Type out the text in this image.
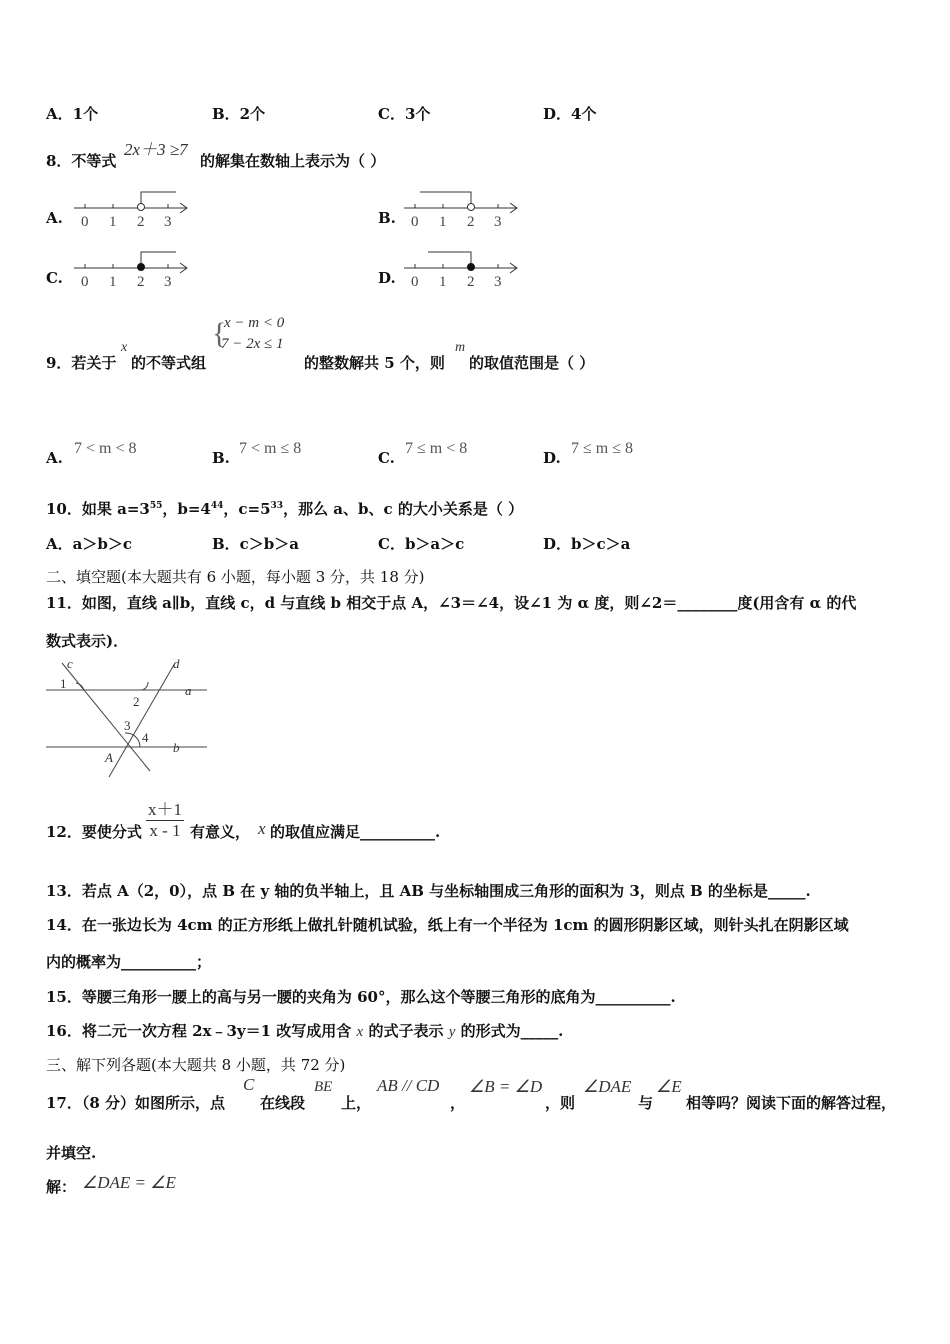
A．1个	B．2个	C．3个	D．4个
8．不等式
2x＋3 ≥7
的解集在数轴上表示为（ ）
A.	B.
C.	D.
0 1 2 3	0 1 2 3
0 1 2 3	0 1 2 3
9．若关于
x
的不等式组
{
x − m < 0
7 − 2x ≤ 1
的整数解共 5 个，则
m
的取值范围是（ ）
A.
7 < m < 8
B.
7 < m ≤ 8
C.
7 ≤ m < 8
D.
7 ≤ m ≤ 8
10．如果 $a=3^{55}$，$b=4^{44}$，$c=5^{33}$，那么 a、b、c 的大小关系是（ ）
A．a＞b＞c	B．c＞b＞a	C．b＞a＞c	D．b＞c＞a
二、填空题(本大题共有 6 小题，每小题 3 分，共 18 分)
11．如图，直线 a∥b，直线 c，d 与直线 b 相交于点 A，∠3＝∠4，设∠1 为 α 度，则∠2＝________度(用含有 α 的代
数式表示)．
c	d
a
b
A
1
2
3
4
12．要使分式 $\frac{x+1}{x - 1}$ 有意义， x 的取值应满足__________.
13．若点 A（2，0），点 B 在 y 轴的负半轴上，且 AB 与坐标轴围成三角形的面积为 3，则点 B 的坐标是_____.
14．在一张边长为 4cm 的正方形纸上做扎针随机试验，纸上有一个半径为 1cm 的圆形阴影区域，则针头扎在阴影区域
内的概率为__________；
15．等腰三角形一腰上的高与另一腰的夹角为 60°，那么这个等腰三角形的底角为__________.
16．将二元一次方程 2x﹣3y＝1 改写成用含 x 的式子表示 y 的形式为_____.
三、解下列各题(本大题共 8 小题，共 72 分)
17．（8 分）如图所示，点
C
在线段
BE
上，
AB // CD
，
∠B = ∠D
，则
∠DAE
与
∠E
相等吗？阅读下面的解答过程，
并填空.
解： ∠DAE = ∠E
